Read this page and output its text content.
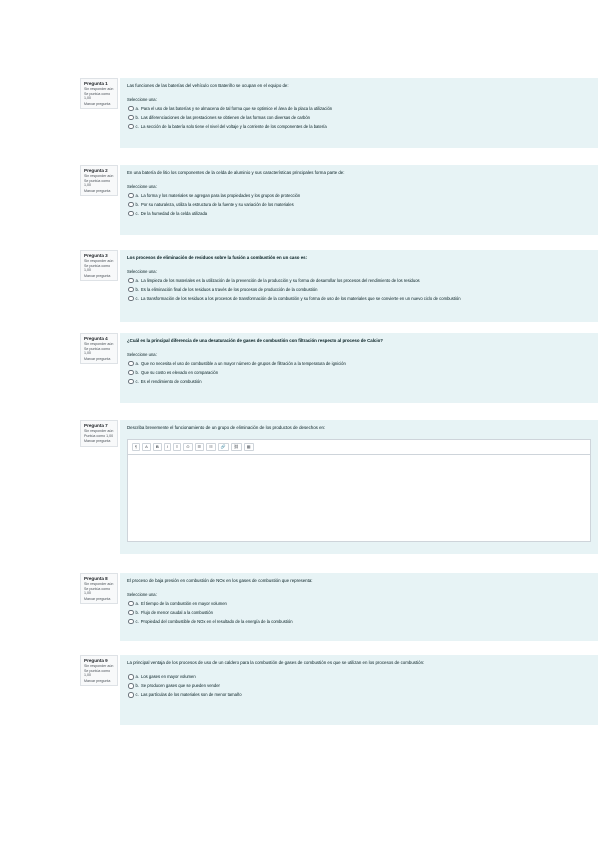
Pregunta 1
Sin responder aún
Se puntúa como 1,00
Marcar pregunta

Las funciones de las baterías del vehículo con Bateriño se ocupan en el equipo de:

Seleccione una:
a. Para el uso de las baterías y se almacena de tal forma que se optimice el área de la placa la utilización
b. Las diferenciaciones de las prestaciones se obtienen de las formas con diversas de carbón
c. La sección de la batería solo tiene el nivel del voltaje y la corriente de los componentes de la batería
Pregunta 2
Sin responder aún
Se puntúa como 1,00
Marcar pregunta

En una batería de litio los componentes de la celda de aluminio y sus características principales forma parte de:

Seleccione una:
a. La forma y los materiales se agregan para las propiedades y los grupos de protección
b. Por su naturaleza, utiliza la estructura de la fuente y su variación de los materiales
c. De la humedad de la celda utilizada
Pregunta 3
Sin responder aún
Se puntúa como 1,00
Marcar pregunta

Los procesos de eliminación de residuos sobre la fusión a combustión en un caso es:

Seleccione una:
a. La limpieza de los materiales es la utilización de la prevención de la producción y su forma de desarrollar los procesos del rendimiento de los residuos
b. Es la eliminación final de los residuos a través de los procesos de producción de la combustión
c. La transformación de los residuos a los procesos de transformación de la combustión y su forma de uso de los materiales que se convierte en un nuevo ciclo de combustión
Pregunta 4
Sin responder aún
Se puntúa como 1,00
Marcar pregunta

¿Cuál es la principal diferencia de una desaturación de gases de combustión con filtración respecto al proceso de Calcio?

Seleccione una:
a. Que no necesita el uso de combustible a un mayor número de grupos de filtración a la temperatura de ignición
b. Que su costo es elevado en comparación
c. Es el rendimiento de combustión
Pregunta 7
Sin responder aún
Puntúa como 1,00
Marcar pregunta

Describa brevemente el funcionamiento de un grupo de eliminación de los productos de desechos en:

¶	A	B	I	≡	⊙	☰	☷	🔗	⛓	▦
Pregunta 8
Sin responder aún
Se puntúa como 1,00
Marcar pregunta

El proceso de baja presión en combustión de NOx en los gases de combustión que representa:

Seleccione una:
a. El tiempo de la combustión en mayor volumen
b. Flujo de menor caudal a la combustión
c. Propiedad del combustible de NOx en el resultado de la energía de la combustión
Pregunta 9
Sin responder aún
Se puntúa como 1,00
Marcar pregunta

La principal ventaja de los procesos de uso de un caldero para la combustión de gases de combustión es que se utilizan en los procesos de combustión:

a. Los gases en mayor volumen
b. Se producen gases que se pueden vender
c. Las partículas de los materiales son de menor tamaño
